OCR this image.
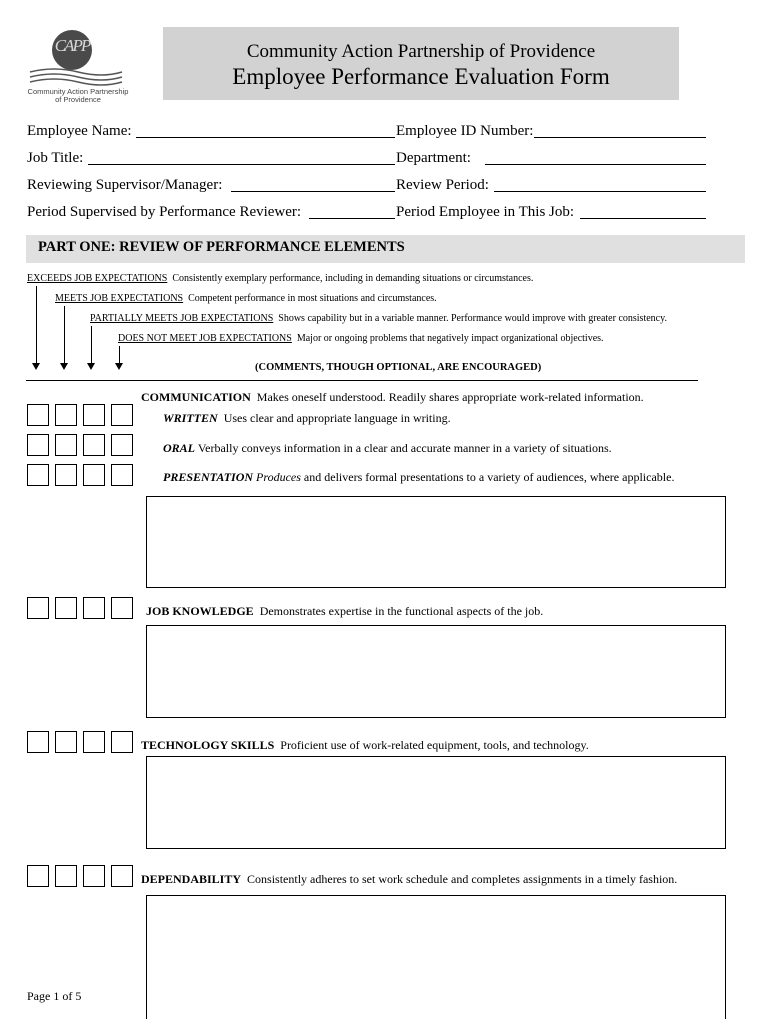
CAPP
Community Action Partnership
of Providence
Community Action Partnership of Providence
Employee Performance Evaluation Form
Employee Name:	Employee ID Number:
Job Title:	Department:
Reviewing Supervisor/Manager:	Review Period:
Period Supervised by Performance Reviewer:	Period Employee in This Job:
PART ONE: REVIEW OF PERFORMANCE ELEMENTS
EXCEEDS JOB EXPECTATIONS Consistently exemplary performance, including in demanding situations or circumstances.
MEETS JOB EXPECTATIONS Competent performance in most situations and circumstances.
PARTIALLY MEETS JOB EXPECTATIONS Shows capability but in a variable manner. Performance would improve with greater consistency.
DOES NOT MEET JOB EXPECTATIONS Major or ongoing problems that negatively impact organizational objectives.
(COMMENTS, THOUGH OPTIONAL, ARE ENCOURAGED)
COMMUNICATION Makes oneself understood. Readily shares appropriate work-related information.
WRITTEN Uses clear and appropriate language in writing.
ORAL Verbally conveys information in a clear and accurate manner in a variety of situations.
PRESENTATION Produces and delivers formal presentations to a variety of audiences, where applicable.
JOB KNOWLEDGE Demonstrates expertise in the functional aspects of the job.
TECHNOLOGY SKILLS Proficient use of work-related equipment, tools, and technology.
DEPENDABILITY Consistently adheres to set work schedule and completes assignments in a timely fashion.
Page 1 of 5
